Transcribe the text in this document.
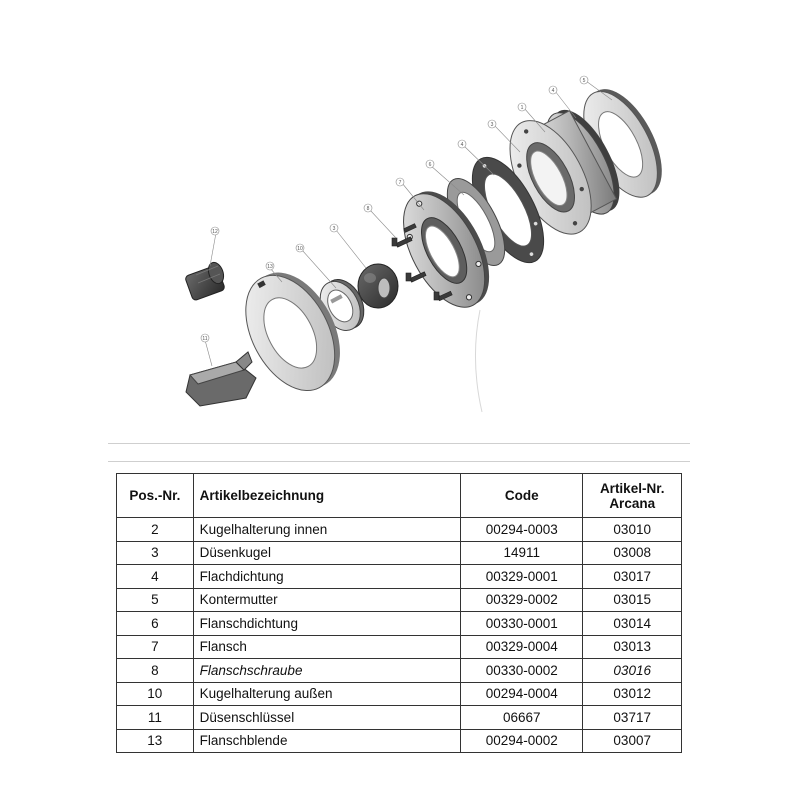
5
4
1
3
7
6
4
8
3
10
12
13
11
Pos.-Nr.	Artikelbezeichnung	Code	Artikel-Nr.
Arcana
2	Kugelhalterung innen	00294-0003	03010
3	Düsenkugel	14911	03008
4	Flachdichtung	00329-0001	03017
5	Kontermutter	00329-0002	03015
6	Flanschdichtung	00330-0001	03014
7	Flansch	00329-0004	03013
8	Flanschschraube	00330-0002	03016
10	Kugelhalterung außen	00294-0004	03012
11	Düsenschlüssel	06667	03717
13	Flanschblende	00294-0002	03007
